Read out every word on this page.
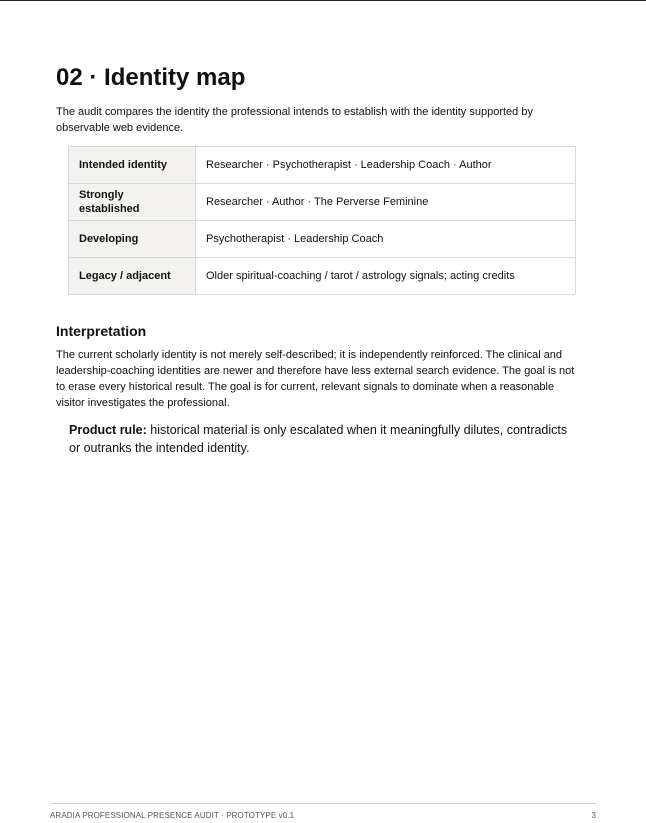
02 · Identity map

The audit compares the identity the professional intends to establish with the identity supported by observable web evidence.

Intended identity	Researcher · Psychotherapist · Leadership Coach · Author
Strongly established	Researcher · Author · The Perverse Feminine
Developing	Psychotherapist · Leadership Coach
Legacy / adjacent	Older spiritual-coaching / tarot / astrology signals; acting credits
Interpretation

The current scholarly identity is not merely self-described; it is independently reinforced. The clinical and leadership-coaching identities are newer and therefore have less external search evidence. The goal is not to erase every historical result. The goal is for current, relevant signals to dominate when a reasonable visitor investigates the professional.

Product rule: historical material is only escalated when it meaningfully dilutes, contradicts or outranks the intended identity.

ARADIA PROFESSIONAL PRESENCE AUDIT · PROTOTYPE v0.1	3
